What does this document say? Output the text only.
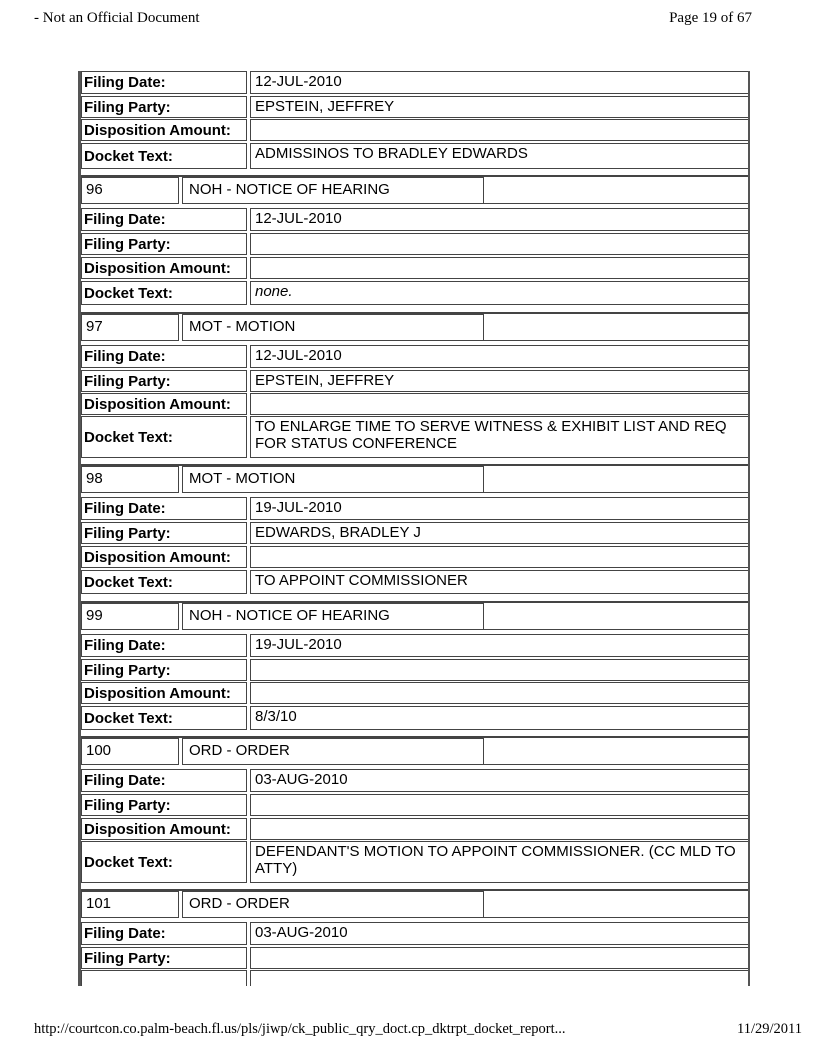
- Not an Official Document	Page 19 of 67
Filing Date:	12-JUL-2010
Filing Party:	EPSTEIN, JEFFREY
Disposition Amount:
Docket Text:	ADMISSINOS TO BRADLEY EDWARDS
96	NOH - NOTICE OF HEARING
Filing Date:	12-JUL-2010
Filing Party:
Disposition Amount:
Docket Text:	none.
97	MOT - MOTION
Filing Date:	12-JUL-2010
Filing Party:	EPSTEIN, JEFFREY
Disposition Amount:
Docket Text:
TO ENLARGE TIME TO SERVE WITNESS & EXHIBIT LIST AND REQ FOR STATUS CONFERENCE
98	MOT - MOTION
Filing Date:	19-JUL-2010
Filing Party:	EDWARDS, BRADLEY J
Disposition Amount:
Docket Text:	TO APPOINT COMMISSIONER
99	NOH - NOTICE OF HEARING
Filing Date:	19-JUL-2010
Filing Party:
Disposition Amount:
Docket Text:	8/3/10
100	ORD - ORDER
Filing Date:	03-AUG-2010
Filing Party:
Disposition Amount:
Docket Text:
DEFENDANT'S MOTION TO APPOINT COMMISSIONER. (CC MLD TO ATTY)
101	ORD - ORDER
Filing Date:	03-AUG-2010
Filing Party:
http://courtcon.co.palm-beach.fl.us/pls/jiwp/ck_public_qry_doct.cp_dktrpt_docket_report...	11/29/2011
